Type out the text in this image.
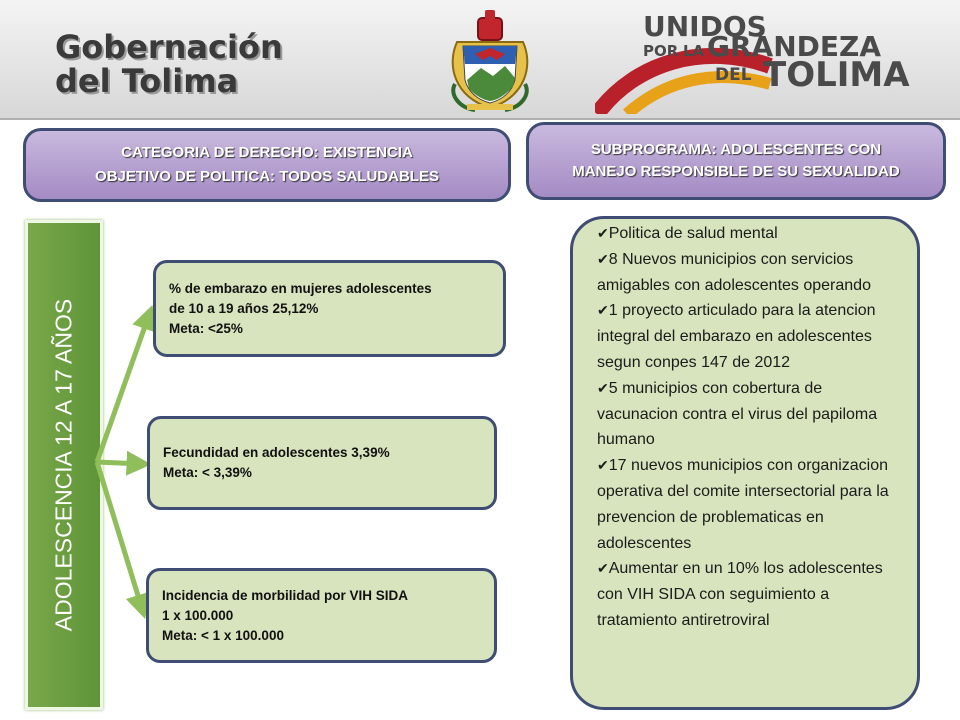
Gobernación
del Tolima
UNIDOS
POR LA GRANDEZA
DEL TOLIMA
CATEGORIA DE DERECHO: EXISTENCIA
OBJETIVO DE POLITICA: TODOS SALUDABLES
SUBPROGRAMA: ADOLESCENTES CON
MANEJO RESPONSIBLE DE SU SEXUALIDAD
ADOLESCENCIA 12 A 17 AÑOS
% de embarazo en mujeres adolescentes
de 10 a 19 años 25,12%
Meta: <25%
Fecundidad en adolescentes 3,39%
Meta: < 3,39%
Incidencia de morbilidad por VIH SIDA
1 x 100.000
Meta: < 1 x 100.000
✔Politica de salud mental
✔8 Nuevos municipios con servicios amigables con adolescentes operando
✔1 proyecto articulado para la atencion integral del embarazo en adolescentes segun conpes 147 de 2012
✔5 municipios con cobertura de vacunacion contra el virus del papiloma humano
✔17 nuevos municipios con organizacion operativa del comite intersectorial para la prevencion de problematicas en adolescentes
✔Aumentar en un 10% los adolescentes con VIH SIDA con seguimiento a tratamiento antiretroviral
